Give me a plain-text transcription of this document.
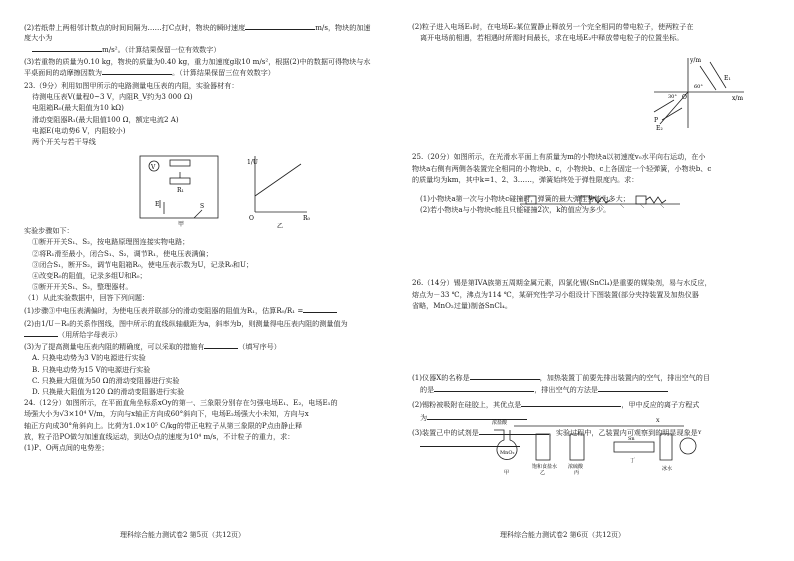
(2)若纸带上两相邻计数点的时间间隔为……打C点时，物块的瞬时速度	m/s，物块的加速度大小为

m/s²。（计算结果保留一位有效数字）

(3)若重物的质量为0.10 kg，物块的质量为0.40 kg，重力加速度g取10 m/s²，根据(2)中的数据可得物块与水平桌面间的动摩擦因数为	。（计算结果保留三位有效数字）

23.（9分）利用如图甲所示的电路测量电压表的内阻，实验器材有：

待测电压表V(量程0~3 V，内阻R_V约为3 000 Ω)

电阻箱R₀(最大阻值为10 kΩ)

滑动变阻器R₁(最大阻值100 Ω，额定电流2 A)

电源E(电动势6 V，内阻较小)

两个开关与若干导线

实验步骤如下：

①断开开关S₁、S₂，按电路原理图连接实物电路；

②将R₁滑至最小，闭合S₁、S₂，调节R₁，使电压表满偏；

③闭合S₁，断开S₂，调节电阻箱R₀，使电压表示数为U，记录R₀和U；

④改变R₀的阻值，记录多组U和R₀；

⑤断开开关S₁、S₂，整理器材。

（1）从此实验数据中，回答下列问题：

(1)步骤③中电压表满偏时，为使电压表并联部分的滑动变阻器的阻值为R₁，估算R₀/R₁ =

(2)由1/U－R₀的关系作图线，图中所示的直线纵轴截距为a，斜率为b，则测量得电压表内阻的测量值为（用所给字母表示）

(3)为了提高测量电压表内阻的精确度，可以采取的措施有	（填写序号）

A. 只换电动势为3 V的电源进行实验

B. 只换电动势为15 V的电源进行实验

C. 只换最大阻值为50 Ω的滑动变阻器进行实验

D. 只换最大阻值为120 Ω的滑动变阻器进行实验

24.（12分）如图所示，在平面直角坐标系xOy的第一、三象限分别存在匀强电场E₁、E₂，电场E₁的

场强大小为√3×10⁴ V/m，方向与x轴正方向成60°斜向下，电场E₂场强大小未知，方向与x

轴正方向成30°角斜向上。比荷为1.0×10⁵ C/kg的带正电粒子从第三象限的P点由静止释

放，粒子沿PO做匀加速直线运动，到达O点的速度为10⁴ m/s，不计粒子的重力，求：

(1)P、O两点间的电势差；

V
R₁
E	S
甲
1/U
R₀
O
乙
理科综合能力测试卷2 第5页（共12页）

(2)粒子进入电场E₁时，在电场E₂某位置静止释放另一个完全相同的带电粒子，使两粒子在

离开电场前相遇，若相遇时所需时间最长，求在电场E₂中释放带电粒子的位置坐标。

25.（20分）如图所示，在光滑水平面上有质量为m的小物块a以初速度v₀水平向右运动，在小

物块a右侧有两侧各装置完全相同的小物块b、c，小物块b、c上各固定一个轻弹簧，小物块b、c

的质量均为km，其中k=1、2、3……，弹簧始终处于弹性限度内。求：

(1)小物块a第一次与小物块c碰撞时，弹簧的最大弹性势能为多大；

(2)若小物块a与小物块c能且只能碰撞2次，k的值应为多少。

26.（14分）锡是第IVA族第五周期金属元素，四氯化锡(SnCl₄)是重要的媒染剂，易与水反应，

熔点为－33 ℃，沸点为114 ℃，某研究性学习小组设计下图装置(部分夹持装置及加热仪器

省略，MnO₂过量)制备SnCl₄。

(1)仪器X的名称是	，加热装置丁前要先排出装置内的空气，排出空气的目

的是	，排出空气的方法是

(2)锡粉被吸附在硅胶上，其优点是	，甲中反应的离子方程式

为

(3)装置己中的试剂是	，实验过程中，乙装置内可观察到的明显现象是

y/m
x/m
E₁
E₂
O
P
60°
30°
浓盐酸
MnO₂
饱和食盐水 浓硫酸
Sn
冰水
甲	乙	丙
丁
X
Y
理科综合能力测试卷2 第6页（共12页）
